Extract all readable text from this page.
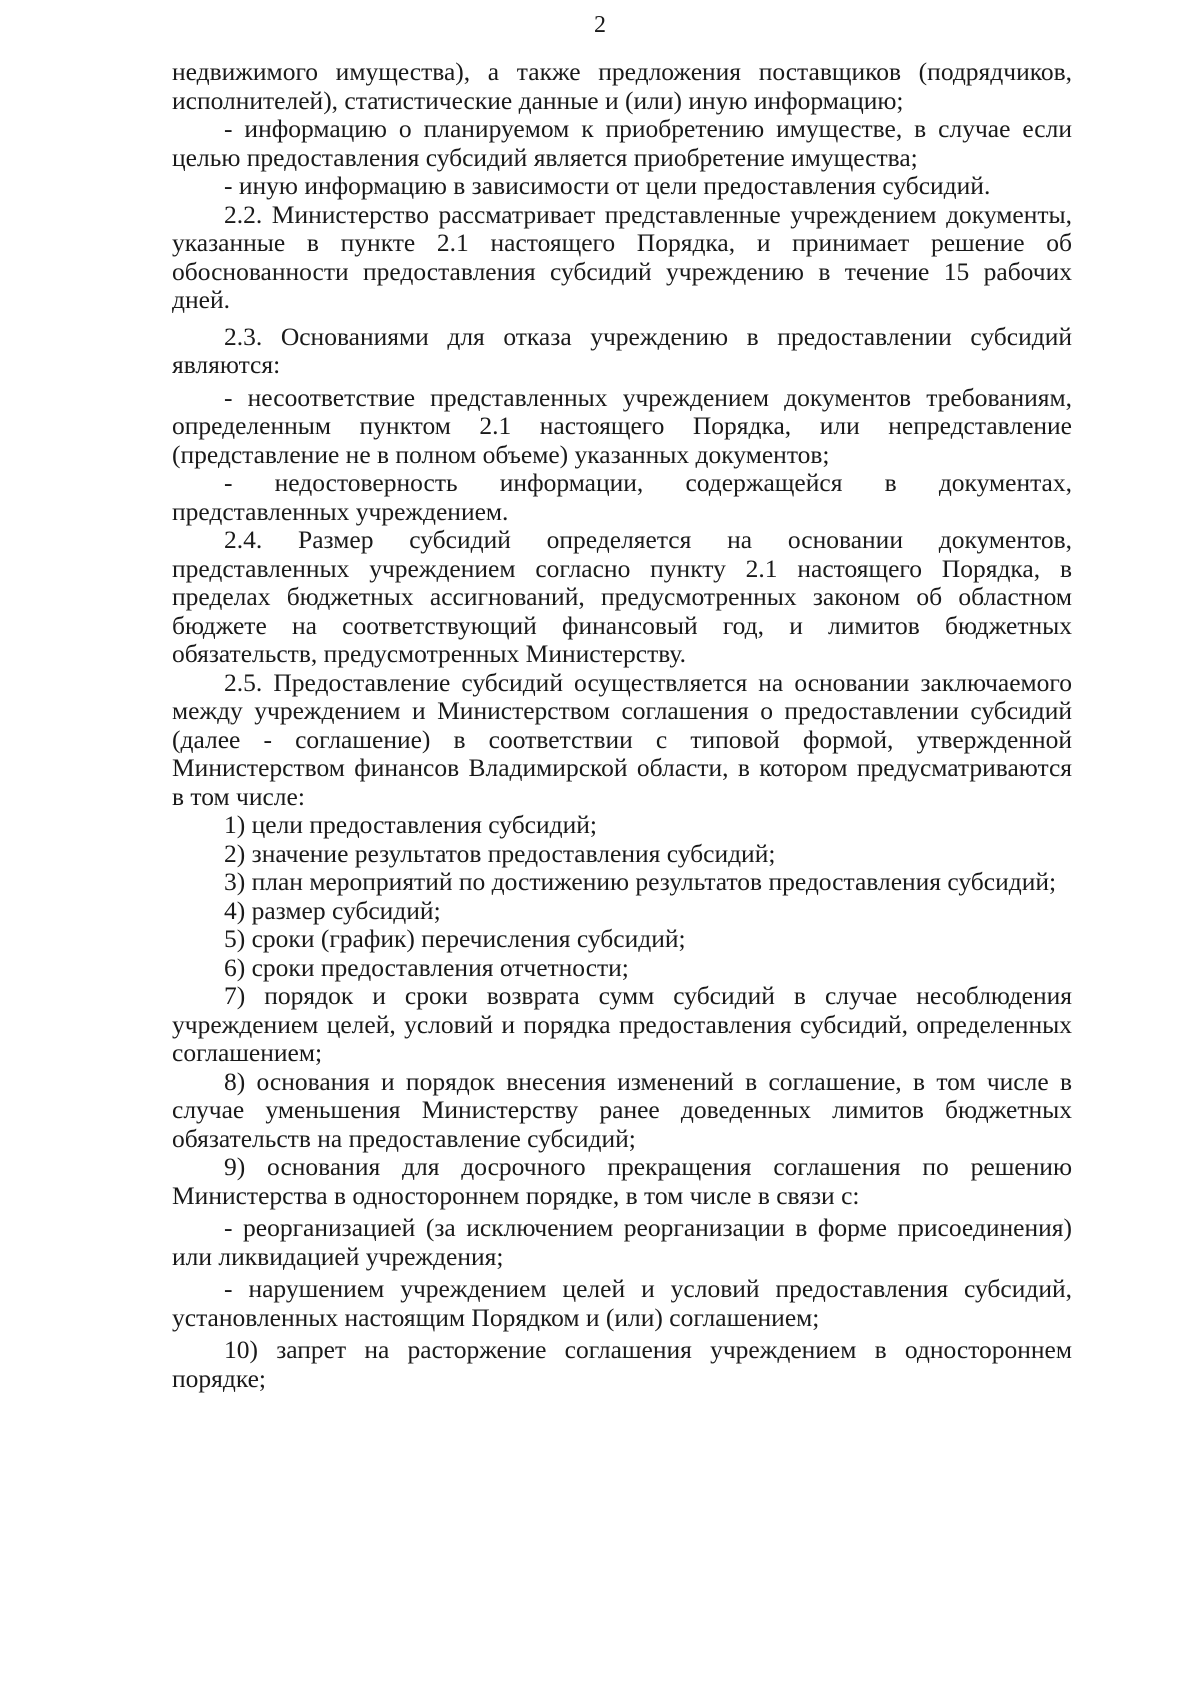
2

недвижимого имущества), а также предложения поставщиков (подрядчиков, исполнителей), статистические данные и (или) иную информацию;

- информацию о планируемом к приобретению имуществе, в случае если целью предоставления субсидий является приобретение имущества;

- иную информацию в зависимости от цели предоставления субсидий.

2.2. Министерство рассматривает представленные учреждением документы, указанные в пункте 2.1 настоящего Порядка, и принимает решение об обоснованности предоставления субсидий учреждению в течение 15 рабочих дней.

2.3. Основаниями для отказа учреждению в предоставлении субсидий являются:

- несоответствие представленных учреждением документов требованиям, определенным пунктом 2.1 настоящего Порядка, или непредставление (представление не в полном объеме) указанных документов;

- недостоверность информации, содержащейся в документах, представленных учреждением.

2.4. Размер субсидий определяется на основании документов, представленных учреждением согласно пункту 2.1 настоящего Порядка, в пределах бюджетных ассигнований, предусмотренных законом об областном бюджете на соответствующий финансовый год, и лимитов бюджетных обязательств, предусмотренных Министерству.

2.5. Предоставление субсидий осуществляется на основании заключаемого между учреждением и Министерством соглашения о предоставлении субсидий (далее - соглашение) в соответствии с типовой формой, утвержденной Министерством финансов Владимирской области, в котором предусматриваются в том числе:

1) цели предоставления субсидий;

2) значение результатов предоставления субсидий;

3) план мероприятий по достижению результатов предоставления субсидий;

4) размер субсидий;

5) сроки (график) перечисления субсидий;

6) сроки предоставления отчетности;

7) порядок и сроки возврата сумм субсидий в случае несоблюдения учреждением целей, условий и порядка предоставления субсидий, определенных соглашением;

8) основания и порядок внесения изменений в соглашение, в том числе в случае уменьшения Министерству ранее доведенных лимитов бюджетных обязательств на предоставление субсидий;

9) основания для досрочного прекращения соглашения по решению Министерства в одностороннем порядке, в том числе в связи с:

- реорганизацией (за исключением реорганизации в форме присоединения) или ликвидацией учреждения;

- нарушением учреждением целей и условий предоставления субсидий, установленных настоящим Порядком и (или) соглашением;

10) запрет на расторжение соглашения учреждением в одностороннем порядке;
